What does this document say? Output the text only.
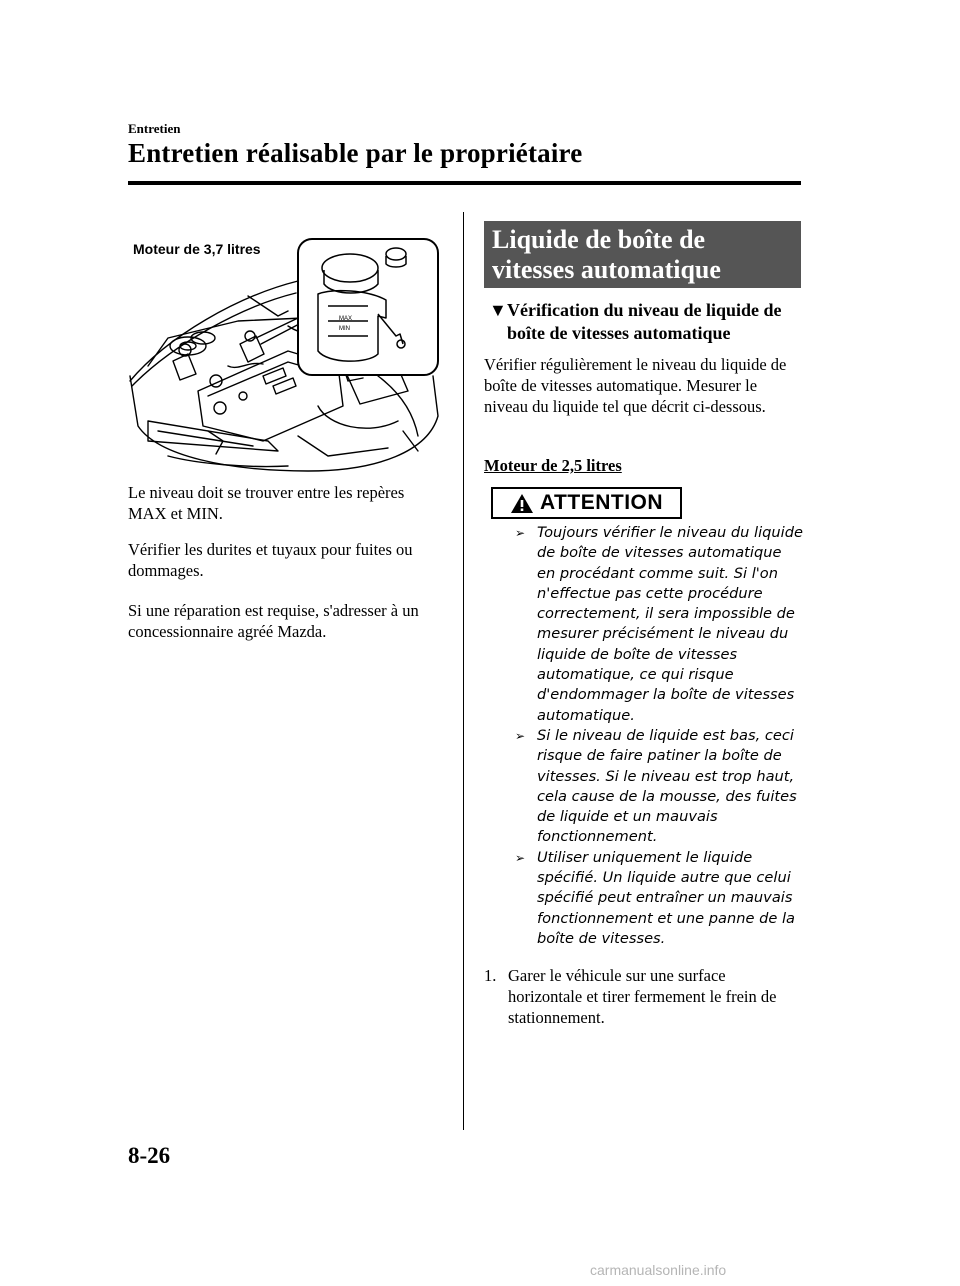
Entretien
Entretien réalisable par le propriétaire
MAX
MIN
Moteur de 3,7 litres

Le niveau doit se trouver entre les repères MAX et MIN.

Vérifier les durites et tuyaux pour fuites ou dommages.

Si une réparation est requise, s'adresser à un concessionnaire agréé Mazda.

Liquide de boîte de vitesses automatique
▼ Vérification du niveau de liquide de boîte de vitesses automatique

Vérifier régulièrement le niveau du liquide de boîte de vitesses automatique. Mesurer le niveau du liquide tel que décrit ci-dessous.

Moteur de 2,5 litres
ATTENTION
➢ Toujours vérifier le niveau du liquide de boîte de vitesses automatique en procédant comme suit. Si l'on n'effectue pas cette procédure correctement, il sera impossible de mesurer précisément le niveau du liquide de boîte de vitesses automatique, ce qui risque d'endommager la boîte de vitesses automatique.
➢ Si le niveau de liquide est bas, ceci risque de faire patiner la boîte de vitesses. Si le niveau est trop haut, cela cause de la mousse, des fuites de liquide et un mauvais fonctionnement.
➢ Utiliser uniquement le liquide spécifié. Un liquide autre que celui spécifié peut entraîner un mauvais fonctionnement et une panne de la boîte de vitesses.
1. Garer le véhicule sur une surface horizontale et tirer fermement le frein de stationnement.
8-26
carmanualsonline.info
